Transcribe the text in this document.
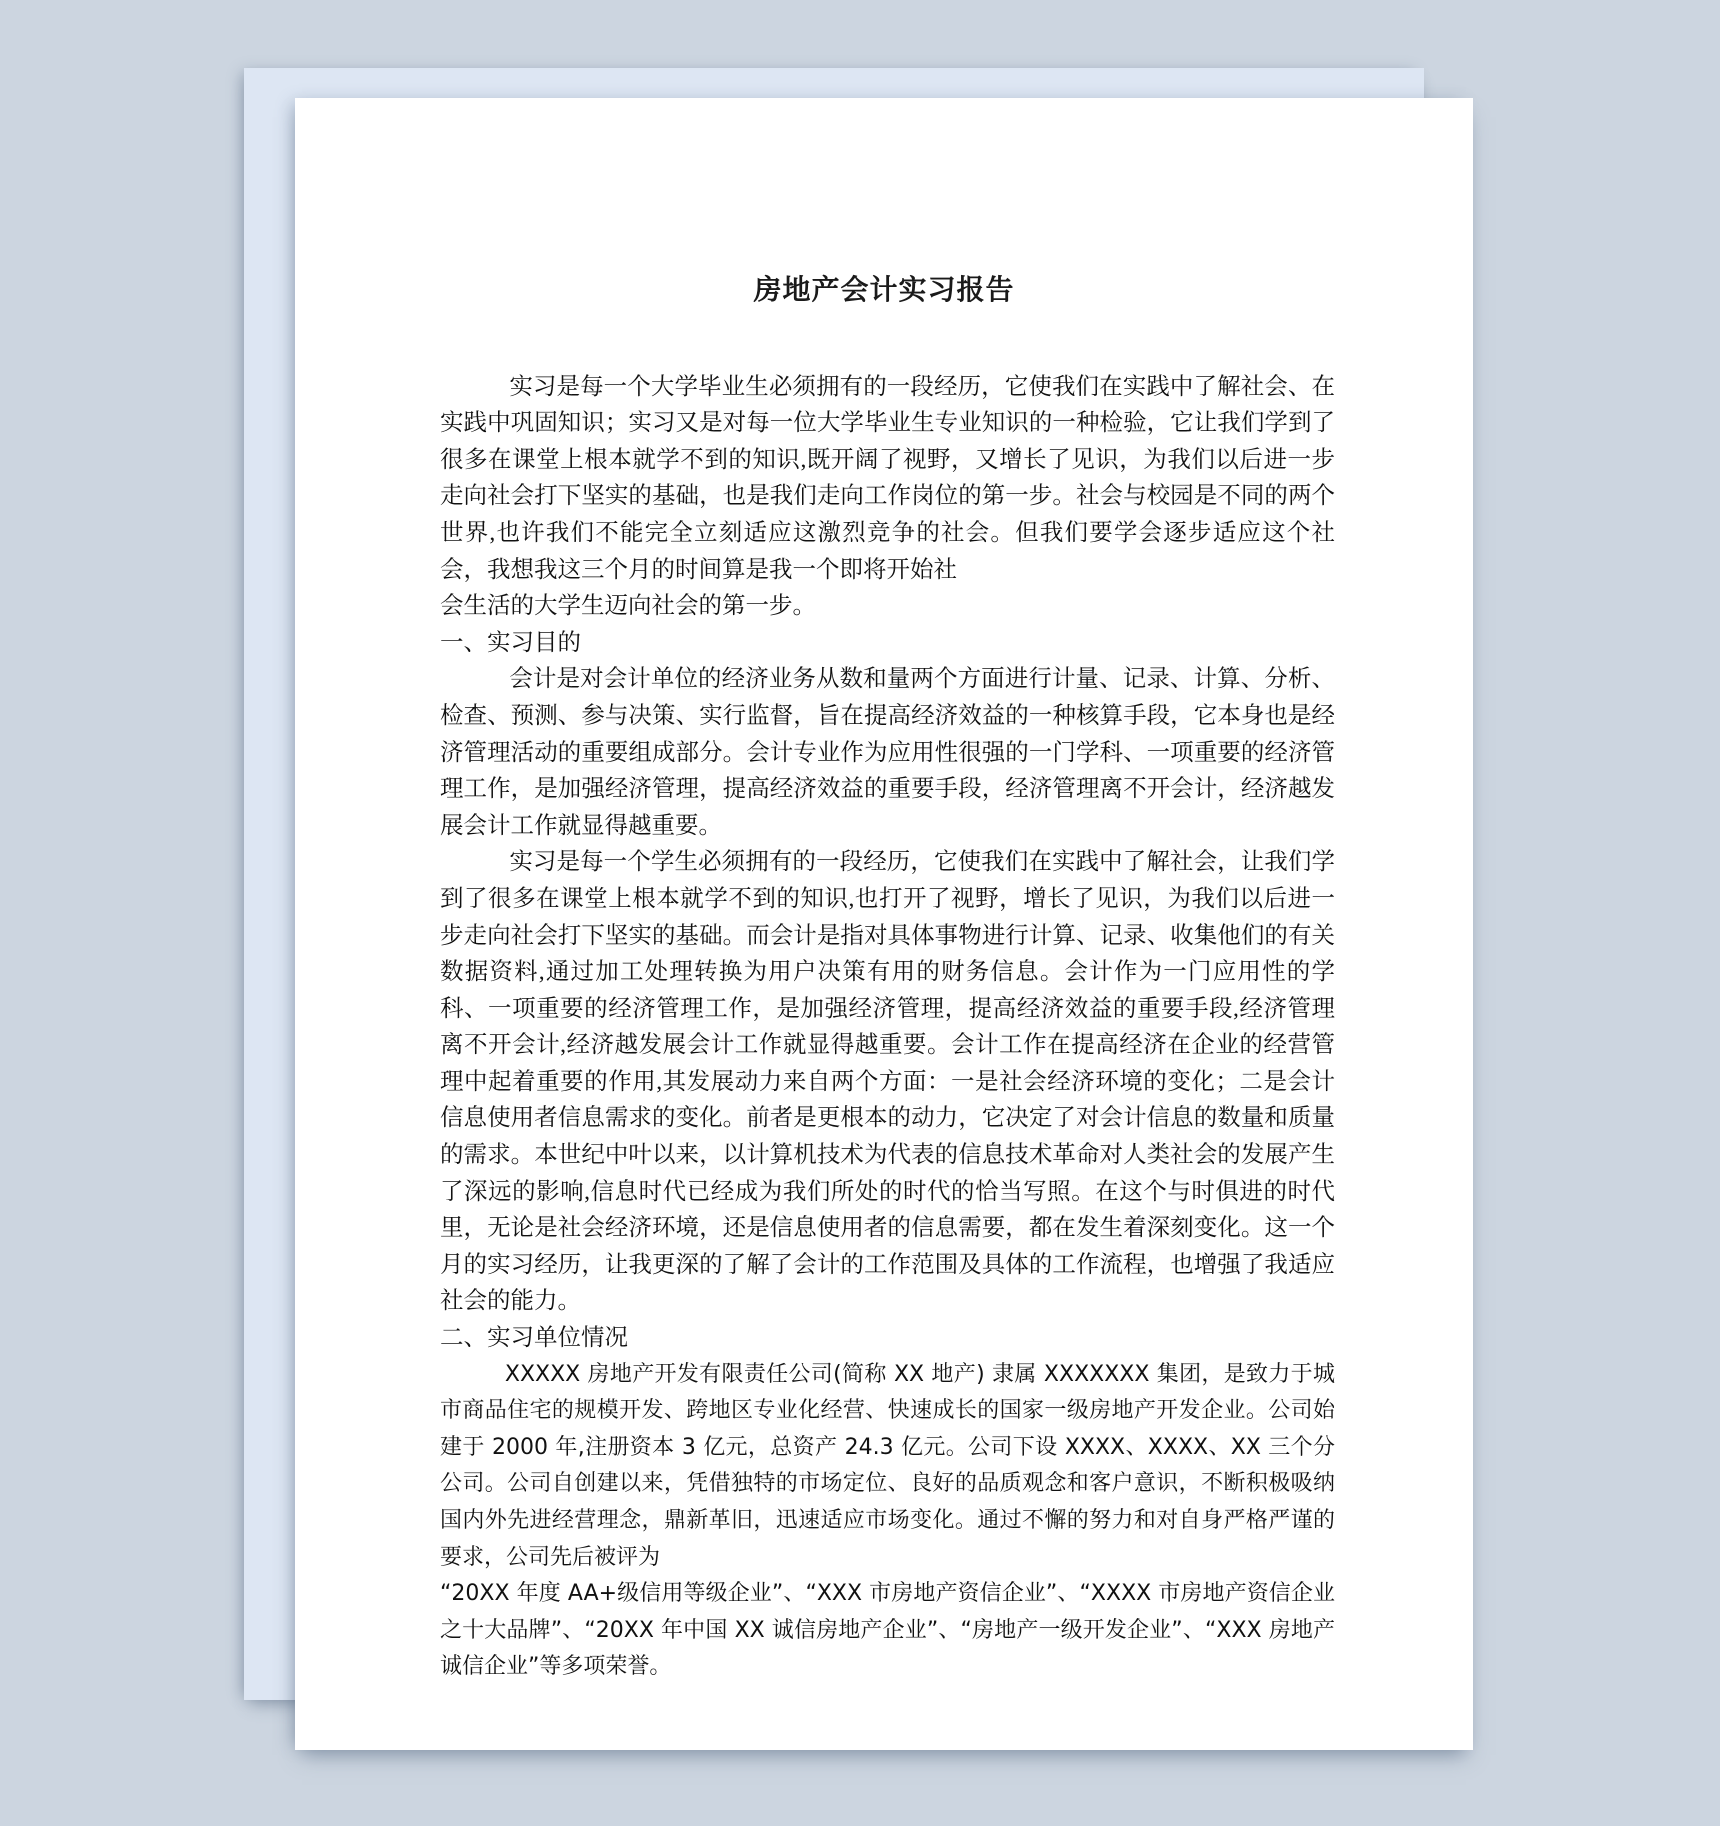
房地产会计实习报告

实习是每一个大学毕业生必须拥有的一段经历，它使我们在实践中了解社会、在实践中巩固知识；实习又是对每一位大学毕业生专业知识的一种检验，它让我们学到了很多在课堂上根本就学不到的知识,既开阔了视野，又增长了见识，为我们以后进一步走向社会打下坚实的基础，也是我们走向工作岗位的第一步。社会与校园是不同的两个世界,也许我们不能完全立刻适应这激烈竞争的社会。但我们要学会逐步适应这个社会，我想我这三个月的时间算是我一个即将开始社

会生活的大学生迈向社会的第一步。

一、实习目的

会计是对会计单位的经济业务从数和量两个方面进行计量、记录、计算、分析、检查、预测、参与决策、实行监督，旨在提高经济效益的一种核算手段，它本身也是经济管理活动的重要组成部分。会计专业作为应用性很强的一门学科、一项重要的经济管理工作，是加强经济管理，提高经济效益的重要手段，经济管理离不开会计，经济越发展会计工作就显得越重要。

实习是每一个学生必须拥有的一段经历，它使我们在实践中了解社会，让我们学到了很多在课堂上根本就学不到的知识,也打开了视野，增长了见识，为我们以后进一步走向社会打下坚实的基础。而会计是指对具体事物进行计算、记录、收集他们的有关数据资料,通过加工处理转换为用户决策有用的财务信息。会计作为一门应用性的学科、一项重要的经济管理工作，是加强经济管理，提高经济效益的重要手段,经济管理离不开会计,经济越发展会计工作就显得越重要。会计工作在提高经济在企业的经营管理中起着重要的作用,其发展动力来自两个方面：一是社会经济环境的变化；二是会计信息使用者信息需求的变化。前者是更根本的动力，它决定了对会计信息的数量和质量的需求。本世纪中叶以来，以计算机技术为代表的信息技术革命对人类社会的发展产生了深远的影响,信息时代已经成为我们所处的时代的恰当写照。在这个与时俱进的时代里，无论是社会经济环境，还是信息使用者的信息需要，都在发生着深刻变化。这一个月的实习经历，让我更深的了解了会计的工作范围及具体的工作流程，也增强了我适应社会的能力。

二、实习单位情况

XXXXX 房地产开发有限责任公司(简称 XX 地产) 隶属 XXXXXXX 集团，是致力于城市商品住宅的规模开发、跨地区专业化经营、快速成长的国家一级房地产开发企业。公司始建于 2000 年,注册资本 3 亿元，总资产 24.3 亿元。公司下设 XXXX、XXXX、XX 三个分公司。公司自创建以来，凭借独特的市场定位、良好的品质观念和客户意识，不断积极吸纳国内外先进经营理念，鼎新革旧，迅速适应市场变化。通过不懈的努力和对自身严格严谨的要求，公司先后被评为

“20XX 年度 AA+级信用等级企业”、“XXX 市房地产资信企业”、“XXXX 市房地产资信企业之十大品牌”、“20XX 年中国 XX 诚信房地产企业”、“房地产一级开发企业”、“XXX 房地产诚信企业”等多项荣誉。
